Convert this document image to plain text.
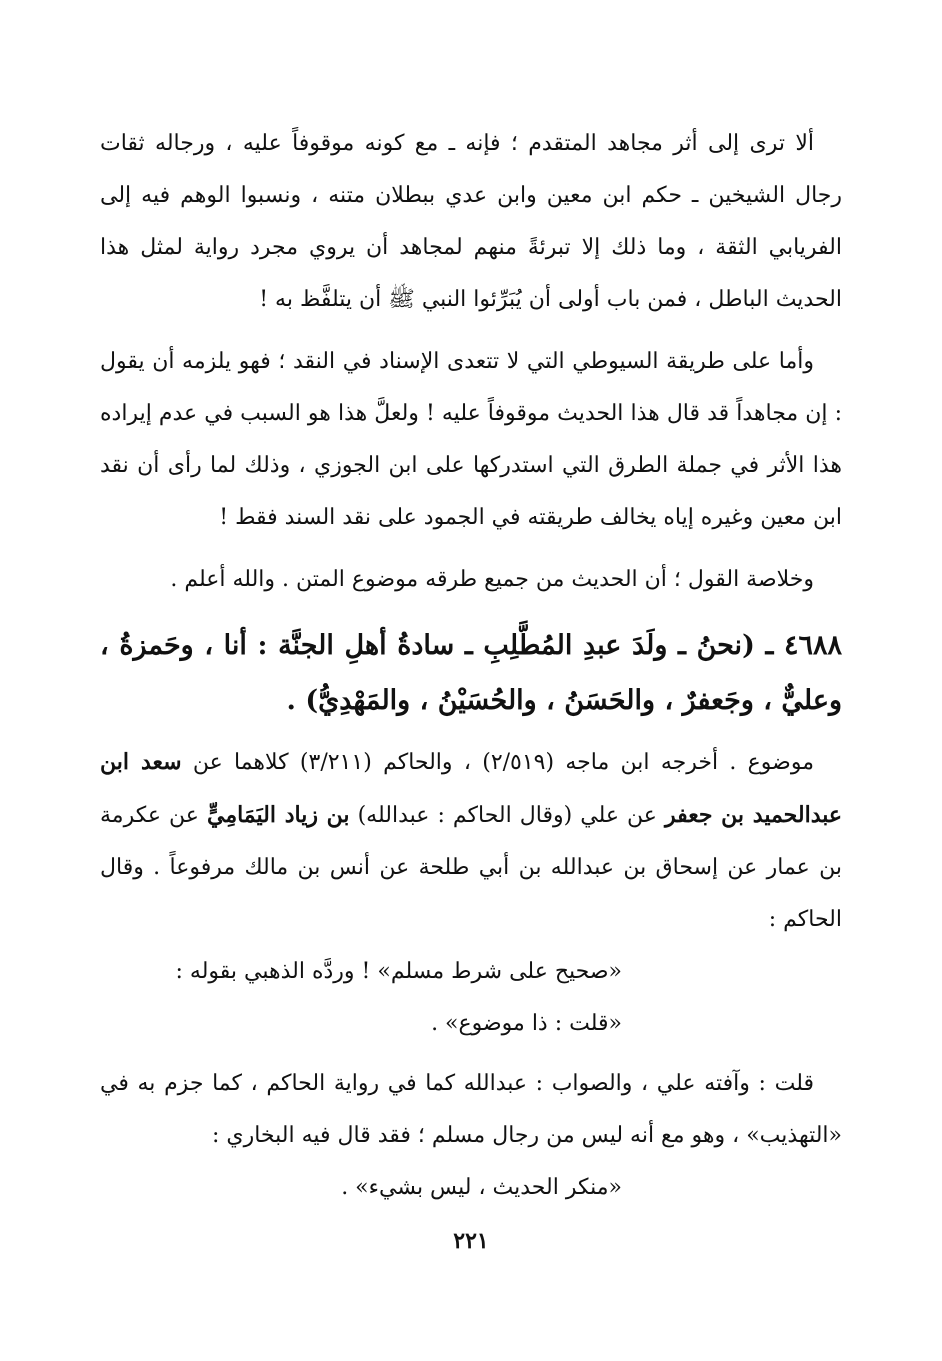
ألا ترى إلى أثر مجاهد المتقدم ؛ فإنه ـ مع كونه موقوفاً عليه ، ورجاله ثقات رجال الشيخين ـ حكم ابن معين وابن عدي ببطلان متنه ، ونسبوا الوهم فيه إلى الفريابي الثقة ، وما ذلك إلا تبرئةً منهم لمجاهد أن يروي مجرد رواية لمثل هذا الحديث الباطل ، فمن باب أولى أن يُبَرِّئوا النبي ﷺ أن يتلفَّظ به !

وأما على طريقة السيوطي التي لا تتعدى الإسناد في النقد ؛ فهو يلزمه أن يقول : إن مجاهداً قد قال هذا الحديث موقوفاً عليه ! ولعلَّ هذا هو السبب في عدم إيراده هذا الأثر في جملة الطرق التي استدركها على ابن الجوزي ، وذلك لما رأى أن نقد ابن معين وغيره إياه يخالف طريقته في الجمود على نقد السند فقط !

وخلاصة القول ؛ أن الحديث من جميع طرقه موضوع المتن . والله أعلم .

٤٦٨٨ ـ (نحنُ ـ ولَدَ عبدِ المُطَّلِبِ ـ سادةُ أهلِ الجنَّة : أنا ، وحَمزةُ ، وعليٌّ ، وجَعفرٌ ، والحَسَنُ ، والحُسَيْنُ ، والمَهْدِيُّ) .

موضوع . أخرجه ابن ماجه (٢/٥١٩) ، والحاكم (٣/٢١١) كلاهما عن سعد ابن عبدالحميد بن جعفر عن علي (وقال الحاكم : عبدالله) بن زياد اليَمَامِيٍّ عن عكرمة بن عمار عن إسحاق بن عبدالله بن أبي طلحة عن أنس بن مالك مرفوعاً . وقال الحاكم :

«صحيح على شرط مسلم» ! وردَّه الذهبي بقوله :

«قلت : ذا موضوع» .

قلت : وآفته علي ، والصواب : عبدالله كما في رواية الحاكم ، كما جزم به في «التهذيب» ، وهو مع أنه ليس من رجال مسلم ؛ فقد قال فيه البخاري :

«منكر الحديث ، ليس بشيء» .

٢٢١
